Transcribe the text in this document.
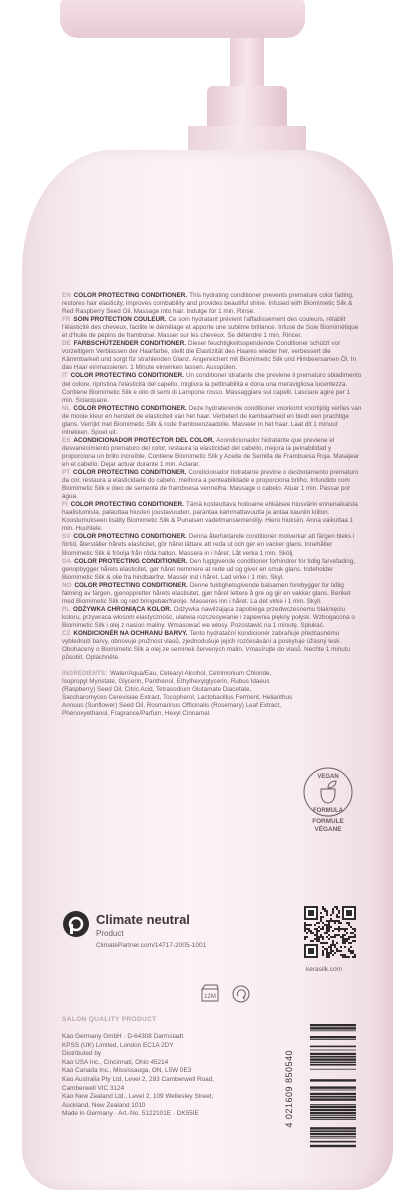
EN COLOR PROTECTING CONDITIONER. This hydrating conditioner prevents premature color fading, restores hair elasticity, improves combability and provides beautiful shine. Infused with Biomimetic Silk & Red Raspberry Seed Oil. Massage into hair. Indulge for 1 min. Rinse.
FR SOIN PROTECTION COULEUR. Ce soin hydratant prévient l'affadissement des couleurs, rétablit l'élasticité des cheveux, facilite le démêlage et apporte une sublime brillance. Infusé de Soie Biomimétique et d'huile de pépins de framboise. Masser sur les cheveux. Se détendre 1 min. Rincer.
DE FARBSCHÜTZENDER CONDITIONER. Dieser feuchtigkeitsspendende Conditioner schützt vor vorzeitigem Verblassen der Haarfarbe, stellt die Elastizität des Haares wieder her, verbessert die Kämmbarkeit und sorgt für strahlenden Glanz. Angereichert mit Biomimetic Silk und Himbeersamen Öl. In das Haar einmassieren. 1 Minute einwirken lassen. Ausspülen.
IT COLOR PROTECTING CONDITIONER. Un conditioner idratante che previene il prematuro sbiadimento del colore, ripristina l'elasticità del capello, migliora la pettinabilità e dona una meravigliosa lucentezza. Contiene Biomimetic Silk e olio di semi di Lampone rosso. Massaggiare sui capelli. Lasciare agire per 1 min. Sciacquare.
NL COLOR PROTECTING CONDITIONER. Deze hydraterende conditioner voorkomt voortijdig verlies van de mooie kleur en herstelt de elasticiteit van het haar. Verbetert de kambaarheid en biedt een prachtige glans. Verrijkt met Biomimetic Silk & rode framboenzaadolie. Masseer in het haar. Laat dit 1 minuut intrekken. Spoel uit.
ES ACONDICIONADOR PROTECTOR DEL COLOR. Acondicionador hidratante que previene el desvanecimiento prematuro del color, restaura la elasticidad del cabello, mejora la peinabilidad y proporciona un brillo increíble. Contiene Biomimetic Silk y Aceite de Semilla de Frambuesa Roja. Masajear en el cabello. Dejar actuar durante 1 min. Aclarar.
PT COLOR PROTECTING CONDITIONER. Condicionador hidratante previne o desbotamento prematuro da cor, restaura a elasticidade do cabelo, melhora a penteabilidade e proporciona brilho. Infundido com Biomimetic Silk e óleo de semente de framboesa vermelha. Massage o cabelo. Atuar 1 min. Passar por água.
FI COLOR PROTECTING CONDITIONER. Tämä kosteuttava hoitoaine ehkäisee hiusvärin ennenaikaista haalistumista, palauttaa hiusten joustavuuden, parantaa kammattavuutta ja antaa kauniin kiillon. Koostumukseen lisätty Biomimetic Silk & Punaisen vadelmansiemenöljy. Hiero hiuksiin. Anna vaikuttaa 1 min. Huuhtele.
SV COLOR PROTECTING CONDITIONER. Denna återfuktande conditioner motverkar att färgen bleks i förtid, återställer hårets elasticitet, gör håret lättare att reda ut och ger en vacker glans. Innehåller Biomimetic Silk & fröolja från röda hallon. Massera in i håret. Låt verka 1 min. Skölj.
DA COLOR PROTECTING CONDITIONER. Den fugtgivende conditioner forhindrer for tidlig farvefading, genopbygger hårets elasticitet, gør håret nemmere at rede ud og giver en smuk glans. Indeholder Biomimetic Silk & olie fra hindbærfrø. Massér ind i håret. Lad virke i 1 min. Skyl.
NO COLOR PROTECTING CONDITIONER. Denne fuktighetsgivende balsamen forebygger for tidlig falming av fargen, gjenoppretter hårets elastisitet, gjør håret lettere å gre og gir en vakker glans. Beriket med Biomimetic Silk og rød bringebærfrøolje. Masseres inn i håret. La det virke i 1 min. Skyll.
PL ODŻYWKA CHRONIĄCA KOLOR. Odżywka nawilżająca zapobiega przedwczesnemu blaknięciu koloru, przywraca włosom elastyczność, ułatwia rozczesywanie i zapewnia piękny połysk. Wzbogacona o Biomimetic Silk i olej z nasion maliny. Wmasować we włosy. Pozostawić na 1 minutę. Spłukać.
CZ KONDICIONÉR NA OCHRANU BARVY. Tento hydratační kondicionér zabraňuje předčasnému vyblednutí barvy, obnovuje pružnost vlasů, zjednodušuje jejich rozčesávání a poskytuje úžasný lesk. Obohacený o Biomimetic Silk a olej ze semínek červených malin. Vmasírujte do vlasů. Nechte 1 minutu působit. Opláchněte.
INGREDIENTS: Water/Aqua/Eau, Cetearyl Alcohol, Cetrimonium Chloride, Isopropyl Myristate, Glycerin, Panthenol, Ethylhexylglycerin, Rubus Idaeus (Raspberry) Seed Oil, Citric Acid, Tetrasodium Glutamate Diacetate, Saccharomyces Cerevisiae Extract, Tocopherol, Lactobacillus Ferment, Helianthus Annuus (Sunflower) Seed Oil, Rosmarinus Officinalis (Rosemary) Leaf Extract, Phenoxyethanol, Fragrance/Parfum, Hexyl Cinnamal.
VEGAN
FORMULA
FORMULE
VÉGANE
Climate neutral
Product
ClimatePartner.com/14717-2005-1001
kerasilk.com
12M
SALON QUALITY PRODUCT
Kao Germany GmbH · D-64308 Darmstadt
KPSS (UK) Limited, London EC1A 2DY
Distributed by
Kao USA Inc., Cincinnati, Ohio 45214
Kao Canada Inc., Mississauga, ON, L5W 0E3
Kao Australia Pty Ltd, Level 2, 293 Camberwell Road,
Camberwell VIC 3124
Kao New Zealand Ltd., Level 2, 109 Wellesley Street,
Auckland, New Zealand 1010
Made in Germany · Art.-No. 5122101E · DK55IE	4 021609 850540
